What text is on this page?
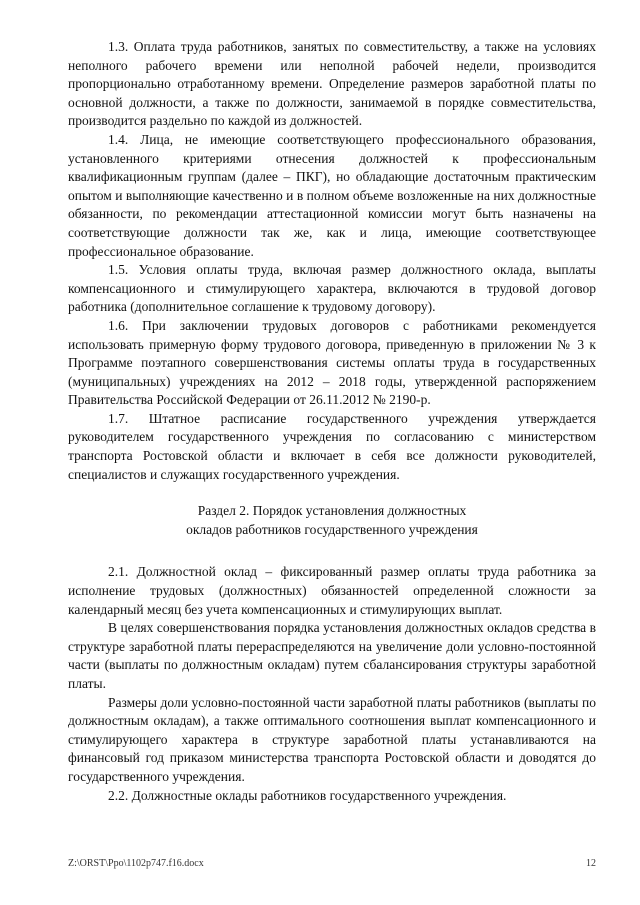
1.3. Оплата труда работников, занятых по совместительству, а также на условиях неполного рабочего времени или неполной рабочей недели, производится пропорционально отработанному времени. Определение размеров заработной платы по основной должности, а также по должности, занимаемой в порядке совместительства, производится раздельно по каждой из должностей.

1.4. Лица, не имеющие соответствующего профессионального образования, установленного критериями отнесения должностей к профессиональным квалификационным группам (далее – ПКГ), но обладающие достаточным практическим опытом и выполняющие качественно и в полном объеме возложенные на них должностные обязанности, по рекомендации аттестационной комиссии могут быть назначены на соответствующие должности так же, как и лица, имеющие соответствующее профессиональное образование.

1.5. Условия оплаты труда, включая размер должностного оклада, выплаты компенсационного и стимулирующего характера, включаются в трудовой договор работника (дополнительное соглашение к трудовому договору).

1.6. При заключении трудовых договоров с работниками рекомендуется использовать примерную форму трудового договора, приведенную в приложении № 3 к Программе поэтапного совершенствования системы оплаты труда в государственных (муниципальных) учреждениях на 2012 – 2018 годы, утвержденной распоряжением Правительства Российской Федерации от 26.11.2012 № 2190-р.

1.7. Штатное расписание государственного учреждения утверждается руководителем государственного учреждения по согласованию с министерством транспорта Ростовской области и включает в себя все должности руководителей, специалистов и служащих государственного учреждения.

Раздел 2. Порядок установления должностных
окладов работников государственного учреждения

2.1. Должностной оклад – фиксированный размер оплаты труда работника за исполнение трудовых (должностных) обязанностей определенной сложности за календарный месяц без учета компенсационных и стимулирующих выплат.

В целях совершенствования порядка установления должностных окладов средства в структуре заработной платы перераспределяются на увеличение доли условно-постоянной части (выплаты по должностным окладам) путем сбалансирования структуры заработной платы.

Размеры доли условно-постоянной части заработной платы работников (выплаты по должностным окладам), а также оптимального соотношения выплат компенсационного и стимулирующего характера в структуре заработной платы устанавливаются на финансовый год приказом министерства транспорта Ростовской области и доводятся до государственного учреждения.

2.2. Должностные оклады работников государственного учреждения.

Z:\ORST\Ppo\1102p747.f16.docx	12
